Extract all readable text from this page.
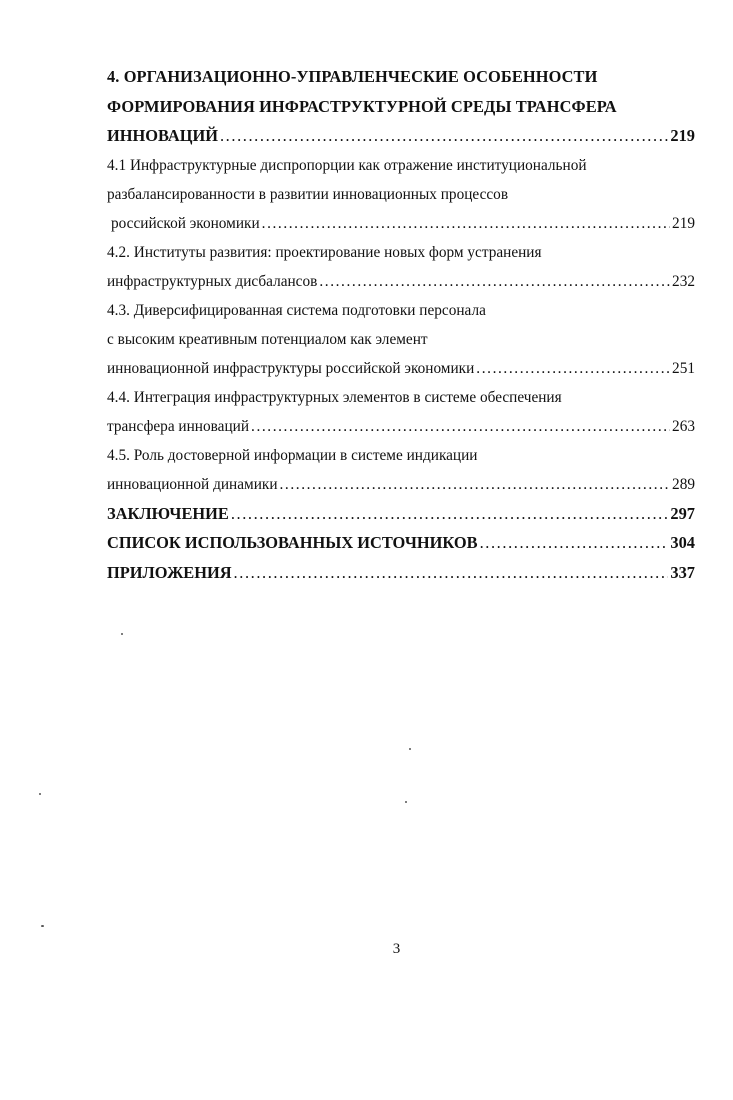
4. ОРГАНИЗАЦИОННО-УПРАВЛЕНЧЕСКИЕ ОСОБЕННОСТИ
ФОРМИРОВАНИЯ ИНФРАСТРУКТУРНОЙ СРЕДЫ ТРАНСФЕРА
ИННОВАЦИЙ .....	219
4.1 Инфраструктурные диспропорции как отражение институциональной
разбалансированности в развитии инновационных процессов
российской экономики .....	219
4.2. Институты развития: проектирование новых форм устранения
инфраструктурных дисбалансов .....	232
4.3. Диверсифицированная система подготовки персонала
с высоким креативным потенциалом как элемент
инновационной инфраструктуры российской экономики .....	251
4.4. Интеграция инфраструктурных элементов в системе обеспечения
трансфера инноваций .....	263
4.5. Роль достоверной информации в системе индикации
инновационной динамики .....	289
ЗАКЛЮЧЕНИЕ .....	297
СПИСОК ИСПОЛЬЗОВАННЫХ ИСТОЧНИКОВ .....	304
ПРИЛОЖЕНИЯ .....	337
3
